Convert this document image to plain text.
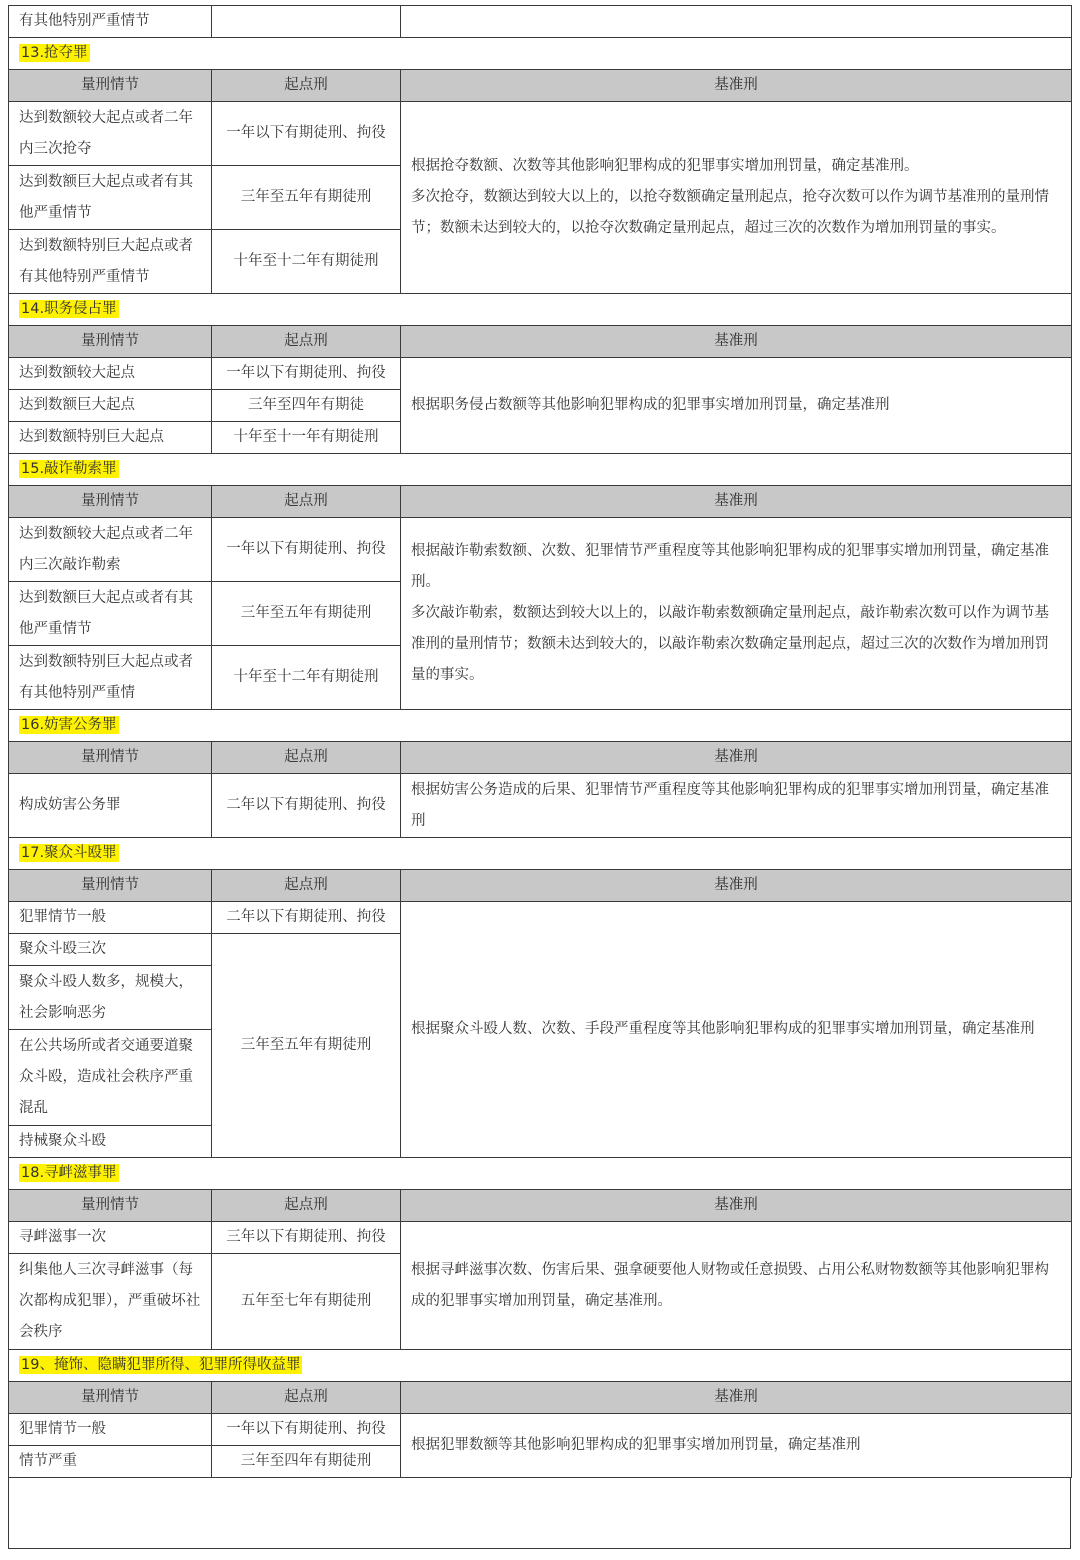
有其他特别严重情节		
13.抢夺罪		
量刑情节	起点刑	基准刑
达到数额较大起点或者二年内三次抢夺	一年以下有期徒刑、拘役	根据抢夺数额、次数等其他影响犯罪构成的犯罪事实增加刑罚量，确定基准刑。
多次抢夺，数额达到较大以上的，以抢夺数额确定量刑起点，抢夺次数可以作为调节基准刑的量刑情节；数额未达到较大的，以抢夺次数确定量刑起点，超过三次的次数作为增加刑罚量的事实。

达到数额巨大起点或者有其他严重情节	三年至五年有期徒刑	
达到数额特别巨大起点或者有其他特别严重情节	十年至十二年有期徒刑	
14.职务侵占罪		
量刑情节	起点刑	基准刑
达到数额较大起点	一年以下有期徒刑、拘役	根据职务侵占数额等其他影响犯罪构成的犯罪事实增加刑罚量，确定基准刑

达到数额巨大起点	三年至四年有期徒	
达到数额特别巨大起点	十年至十一年有期徒刑	
15.敲诈勒索罪		
量刑情节	起点刑	基准刑
达到数额较大起点或者二年内三次敲诈勒索	一年以下有期徒刑、拘役	根据敲诈勒索数额、次数、犯罪情节严重程度等其他影响犯罪构成的犯罪事实增加刑罚量，确定基准刑。
多次敲诈勒索，数额达到较大以上的，以敲诈勒索数额确定量刑起点，敲诈勒索次数可以作为调节基准刑的量刑情节；数额未达到较大的，以敲诈勒索次数确定量刑起点，超过三次的次数作为增加刑罚量的事实。

达到数额巨大起点或者有其他严重情节	三年至五年有期徒刑	
达到数额特别巨大起点或者有其他特别严重情	十年至十二年有期徒刑	
16.妨害公务罪		
量刑情节	起点刑	基准刑
构成妨害公务罪	二年以下有期徒刑、拘役	根据妨害公务造成的后果、犯罪情节严重程度等其他影响犯罪构成的犯罪事实增加刑罚量，确定基准刑

17.聚众斗殴罪		
量刑情节	起点刑	基准刑
犯罪情节一般	二年以下有期徒刑、拘役	根据聚众斗殴人数、次数、手段严重程度等其他影响犯罪构成的犯罪事实增加刑罚量，确定基准刑

聚众斗殴三次	三年至五年有期徒刑	
聚众斗殴人数多，规模大，社会影响恶劣		
在公共场所或者交通要道聚众斗殴，造成社会秩序严重混乱		
持械聚众斗殴		
18.寻衅滋事罪		
量刑情节	起点刑	基准刑
寻衅滋事一次	三年以下有期徒刑、拘役	根据寻衅滋事次数、伤害后果、强拿硬要他人财物或任意损毁、占用公私财物数额等其他影响犯罪构成的犯罪事实增加刑罚量，确定基准刑。

纠集他人三次寻衅滋事（每次都构成犯罪），严重破坏社会秩序	五年至七年有期徒刑	
19、掩饰、隐瞒犯罪所得、犯罪所得收益罪		
量刑情节	起点刑	基准刑
犯罪情节一般	一年以下有期徒刑、拘役	根据犯罪数额等其他影响犯罪构成的犯罪事实增加刑罚量，确定基准刑

情节严重	三年至四年有期徒刑	
